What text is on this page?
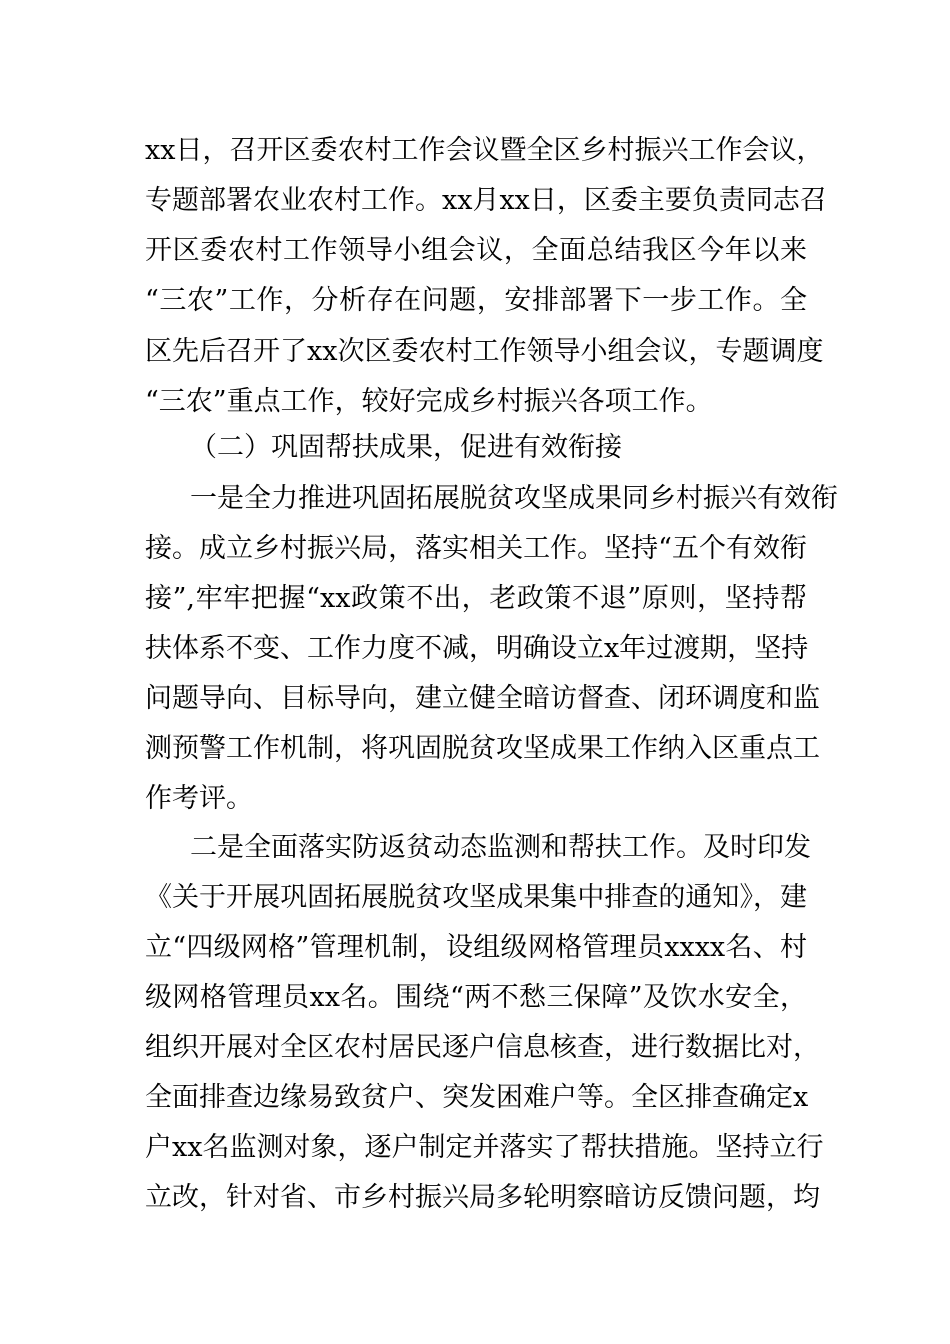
xx日，召开区委农村工作会议暨全区乡村振兴工作会议，
专题部署农业农村工作。xx月xx日，区委主要负责同志召
开区委农村工作领导小组会议，全面总结我区今年以来
“三农”工作，分析存在问题，安排部署下一步工作。全
区先后召开了xx次区委农村工作领导小组会议，专题调度
“三农”重点工作，较好完成乡村振兴各项工作。
（二）巩固帮扶成果，促进有效衔接
一是全力推进巩固拓展脱贫攻坚成果同乡村振兴有效衔
接。成立乡村振兴局，落实相关工作。坚持“五个有效衔
接”,牢牢把握“xx政策不出，老政策不退”原则，坚持帮
扶体系不变、工作力度不减，明确设立x年过渡期，坚持
问题导向、目标导向，建立健全暗访督查、闭环调度和监
测预警工作机制，将巩固脱贫攻坚成果工作纳入区重点工
作考评。
二是全面落实防返贫动态监测和帮扶工作。及时印发
《关于开展巩固拓展脱贫攻坚成果集中排查的通知》，建
立“四级网格”管理机制，设组级网格管理员xxxx名、村
级网格管理员xx名。围绕“两不愁三保障”及饮水安全，
组织开展对全区农村居民逐户信息核查，进行数据比对，
全面排查边缘易致贫户、突发困难户等。全区排查确定x
户xx名监测对象，逐户制定并落实了帮扶措施。坚持立行
立改，针对省、市乡村振兴局多轮明察暗访反馈问题，均
